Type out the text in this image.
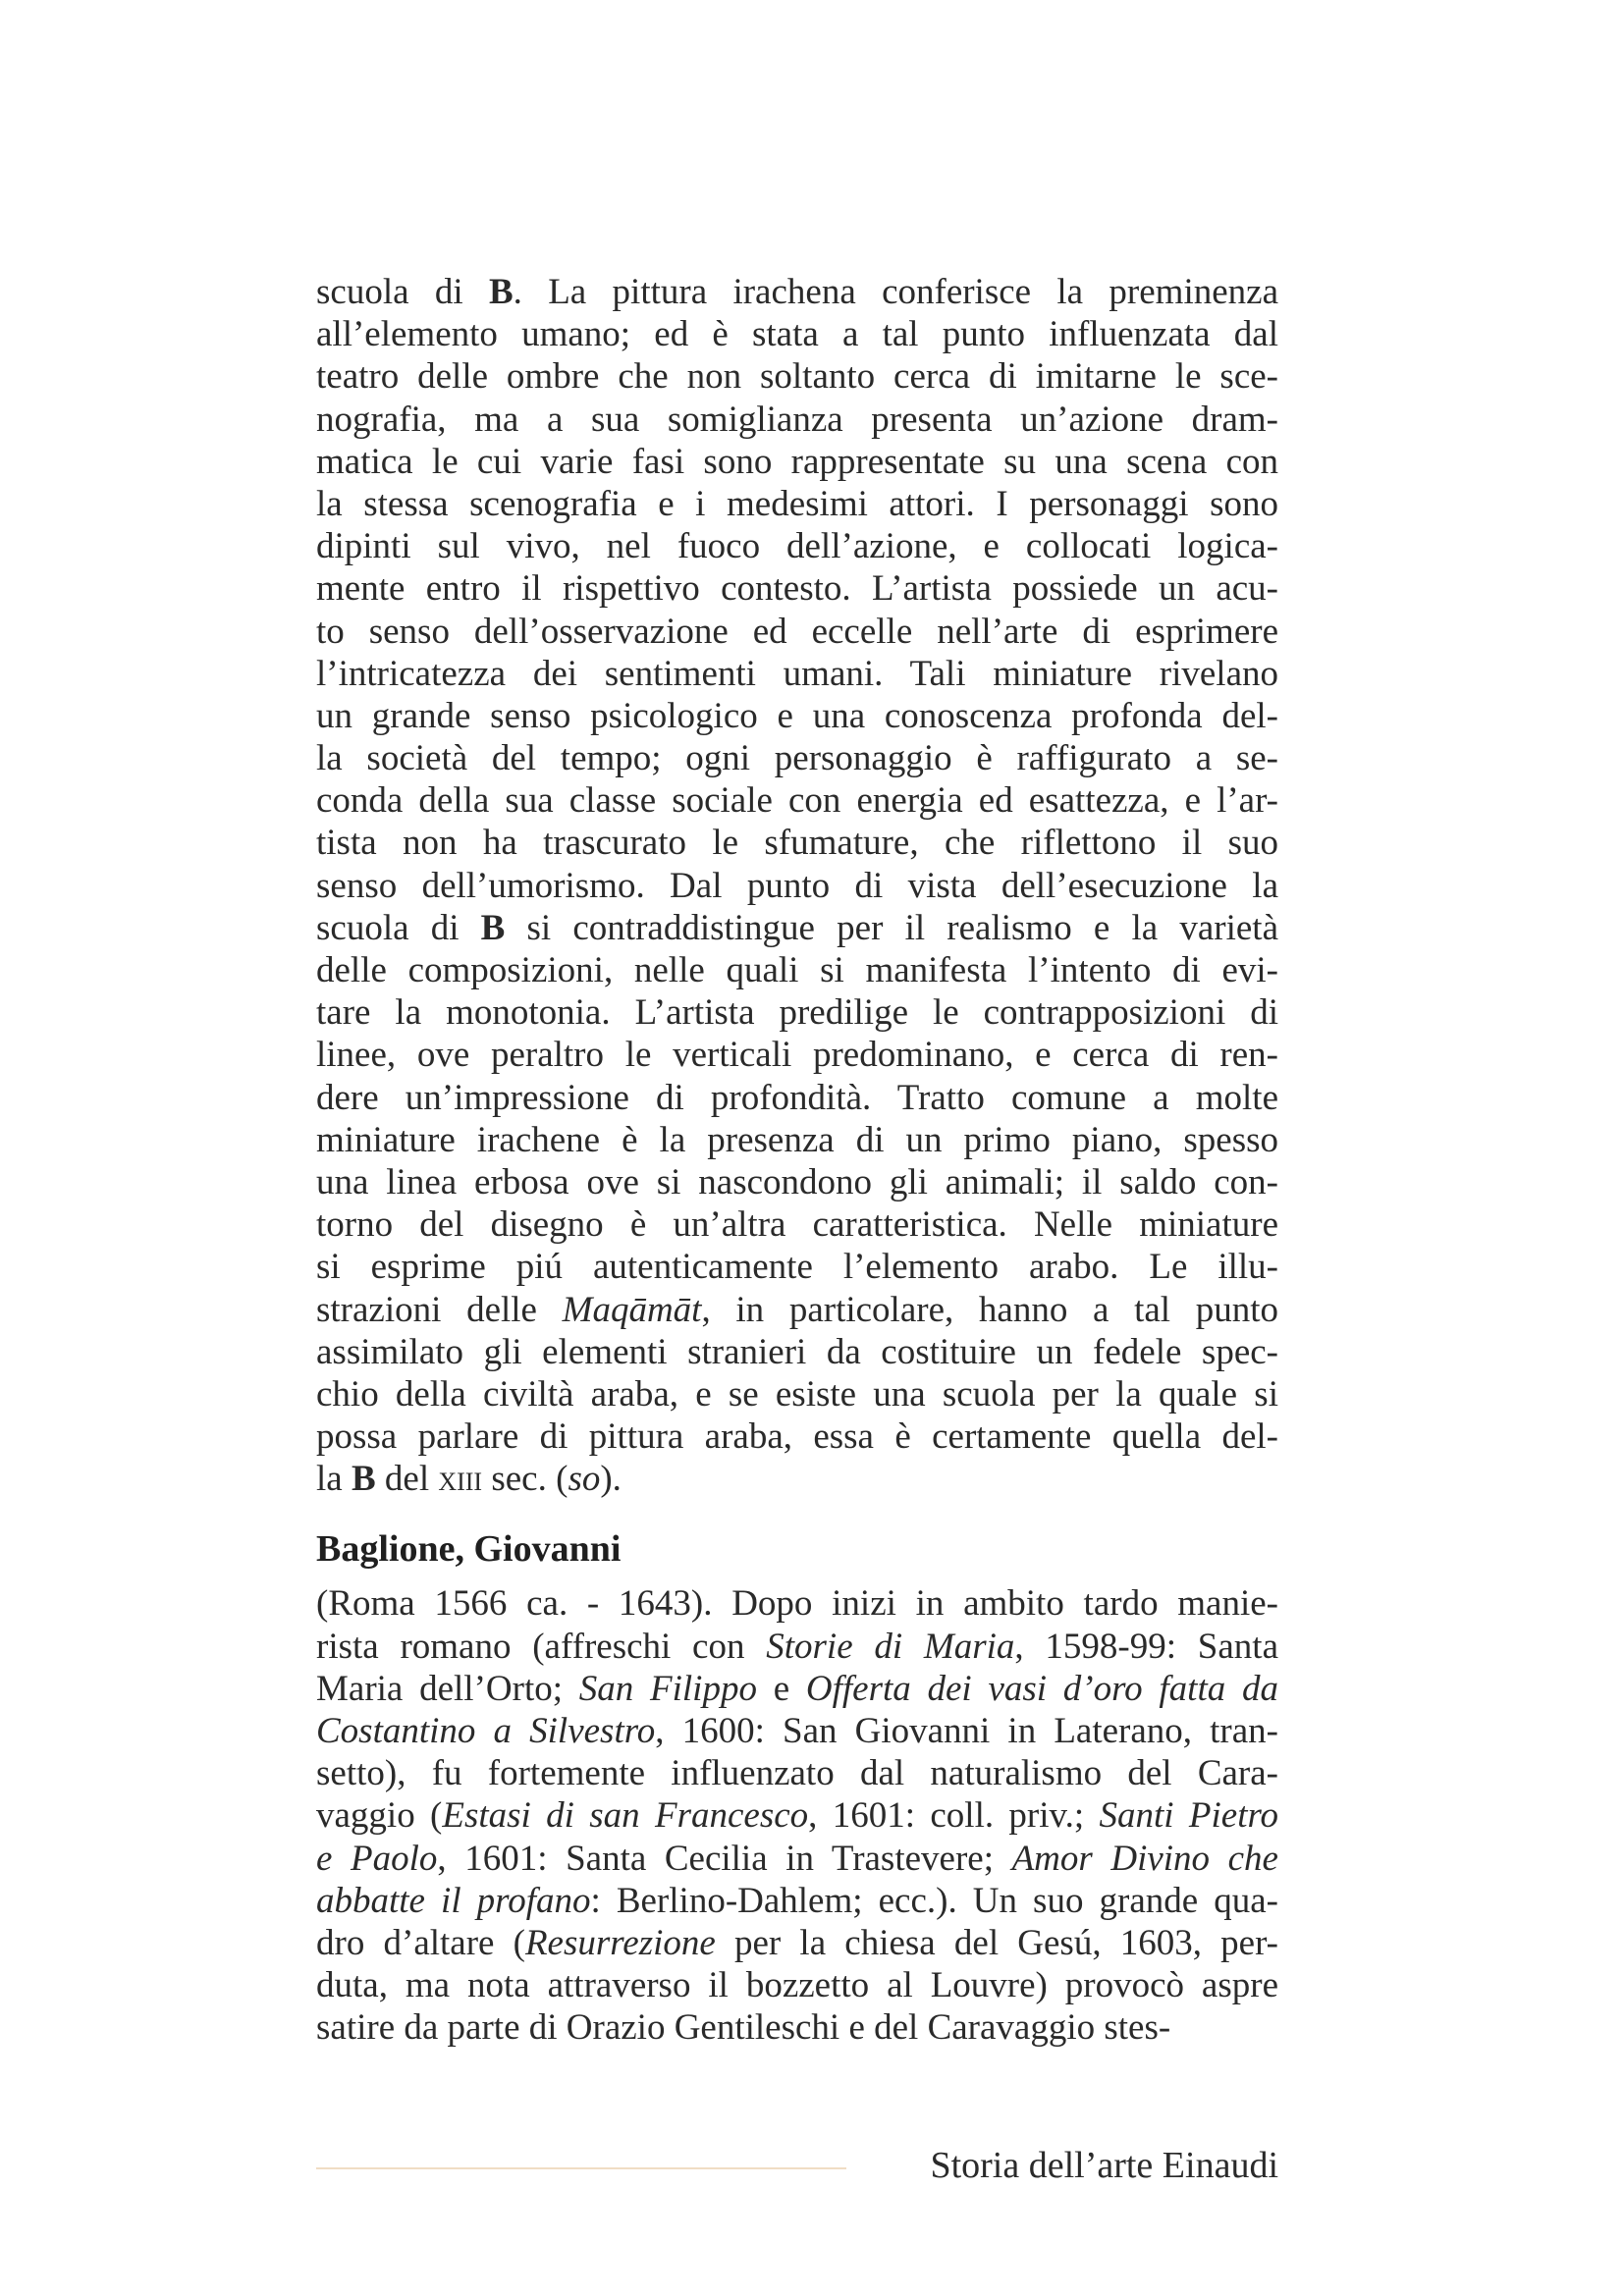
scuola di B. La pittura irachena conferisce la preminenza
all’elemento umano; ed è stata a tal punto influenzata dal
teatro delle ombre che non soltanto cerca di imitarne le sce-
nografia, ma a sua somiglianza presenta un’azione dram-
matica le cui varie fasi sono rappresentate su una scena con
la stessa scenografia e i medesimi attori. I personaggi sono
dipinti sul vivo, nel fuoco dell’azione, e collocati logica-
mente entro il rispettivo contesto. L’artista possiede un acu-
to senso dell’osservazione ed eccelle nell’arte di esprimere
l’intricatezza dei sentimenti umani. Tali miniature rivelano
un grande senso psicologico e una conoscenza profonda del-
la società del tempo; ogni personaggio è raffigurato a se-
conda della sua classe sociale con energia ed esattezza, e l’ar-
tista non ha trascurato le sfumature, che riflettono il suo
senso dell’umorismo. Dal punto di vista dell’esecuzione la
scuola di B si contraddistingue per il realismo e la varietà
delle composizioni, nelle quali si manifesta l’intento di evi-
tare la monotonia. L’artista predilige le contrapposizioni di
linee, ove peraltro le verticali predominano, e cerca di ren-
dere un’impressione di profondità. Tratto comune a molte
miniature irachene è la presenza di un primo piano, spesso
una linea erbosa ove si nascondono gli animali; il saldo con-
torno del disegno è un’altra caratteristica. Nelle miniature
si esprime piú autenticamente l’elemento arabo. Le illu-
strazioni delle Maqāmāt, in particolare, hanno a tal punto
assimilato gli elementi stranieri da costituire un fedele spec-
chio della civiltà araba, e se esiste una scuola per la quale si
possa parlare di pittura araba, essa è certamente quella del-
la B del xiii sec. (so).
Baglione, Giovanni
(Roma 1566 ca. - 1643). Dopo inizi in ambito tardo manie-
rista romano (affreschi con Storie di Maria, 1598-99: Santa
Maria dell’Orto; San Filippo e Offerta dei vasi d’oro fatta da
Costantino a Silvestro, 1600: San Giovanni in Laterano, tran-
setto), fu fortemente influenzato dal naturalismo del Cara-
vaggio (Estasi di san Francesco, 1601: coll. priv.; Santi Pietro
e Paolo, 1601: Santa Cecilia in Trastevere; Amor Divino che
abbatte il profano: Berlino-Dahlem; ecc.). Un suo grande qua-
dro d’altare (Resurrezione per la chiesa del Gesú, 1603, per-
duta, ma nota attraverso il bozzetto al Louvre) provocò aspre
satire da parte di Orazio Gentileschi e del Caravaggio stes-
Storia dell’arte Einaudi
